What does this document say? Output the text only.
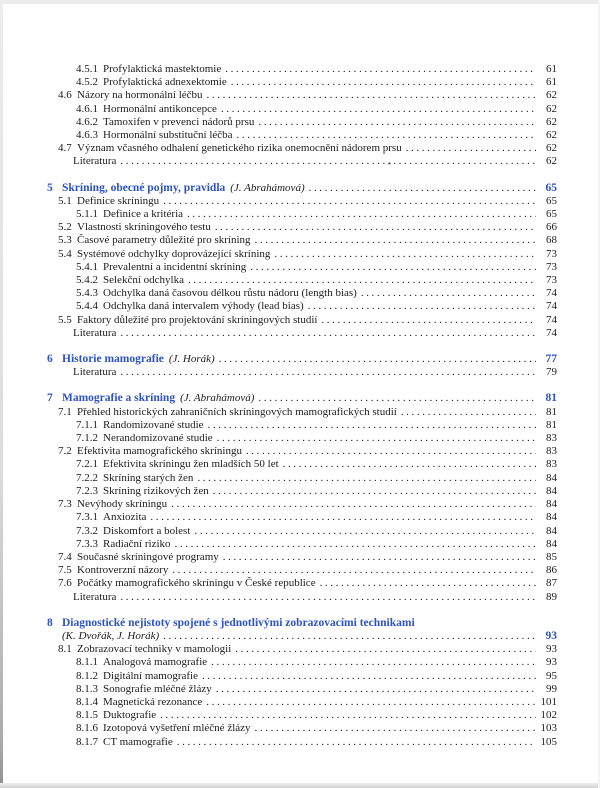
4.5.1 Profylaktická mastektomie .....	61
4.5.2 Profylaktická adnexektomie .....	61
4.6 Názory na hormonální léčbu .....	62
4.6.1 Hormonální antikoncepce .....	62
4.6.2 Tamoxifen v prevenci nádorů prsu .....	62
4.6.3 Hormonální substituční léčba .....	62
4.7 Význam včasného odhalení genetického rizika onemocnění nádorem prsu .....	62
Literatura .....	62
5 Skríning, obecné pojmy, pravidla (J. Abrahámová) .....	65
5.1 Definice skríningu .....	65
5.1.1 Definice a kritéria .....	65
5.2 Vlastnosti skríningového testu .....	66
5.3 Časové parametry důležité pro skríning .....	68
5.4 Systémové odchylky doprovázející skríning .....	73
5.4.1 Prevalentní a incidentní skríning .....	73
5.4.2 Selekční odchylka .....	73
5.4.3 Odchylka daná časovou délkou růstu nádoru (length bias) .....	74
5.4.4 Odchylka daná intervalem výhody (lead bias) .....	74
5.5 Faktory důležité pro projektování skríningových studií .....	74
Literatura .....	74
6 Historie mamografie (J. Horák) .....	77
Literatura .....	79
7 Mamografie a skríning (J. Abrahámová) .....	81
7.1 Přehled historických zahraničních skríningových mamografických studií .....	81
7.1.1 Randomizované studie .....	81
7.1.2 Nerandomizované studie .....	83
7.2 Efektivita mamografického skríningu .....	83
7.2.1 Efektivita skríningu žen mladších 50 let .....	83
7.2.2 Skríning starých žen .....	84
7.2.3 Skríning rizikových žen .....	84
7.3 Nevýhody skríningu .....	84
7.3.1 Anxiozita .....	84
7.3.2 Diskomfort a bolest .....	84
7.3.3 Radiační riziko .....	84
7.4 Současné skríningové programy .....	85
7.5 Kontroverzní názory .....	86
7.6 Počátky mamografického skríningu v České republice .....	87
Literatura .....	89
8 Diagnostické nejistoty spojené s jednotlivými zobrazovacími technikami
(K. Dvořák, J. Horák) .....	93
8.1 Zobrazovací techniky v mamologii .....	93
8.1.1 Analogová mamografie .....	93
8.1.2 Digitální mamografie .....	95
8.1.3 Sonografie mléčné žlázy .....	99
8.1.4 Magnetická rezonance .....	101
8.1.5 Duktografie .....	102
8.1.6 Izotopová vyšetření mléčné žlázy .....	103
8.1.7 CT mamografie .....	105
